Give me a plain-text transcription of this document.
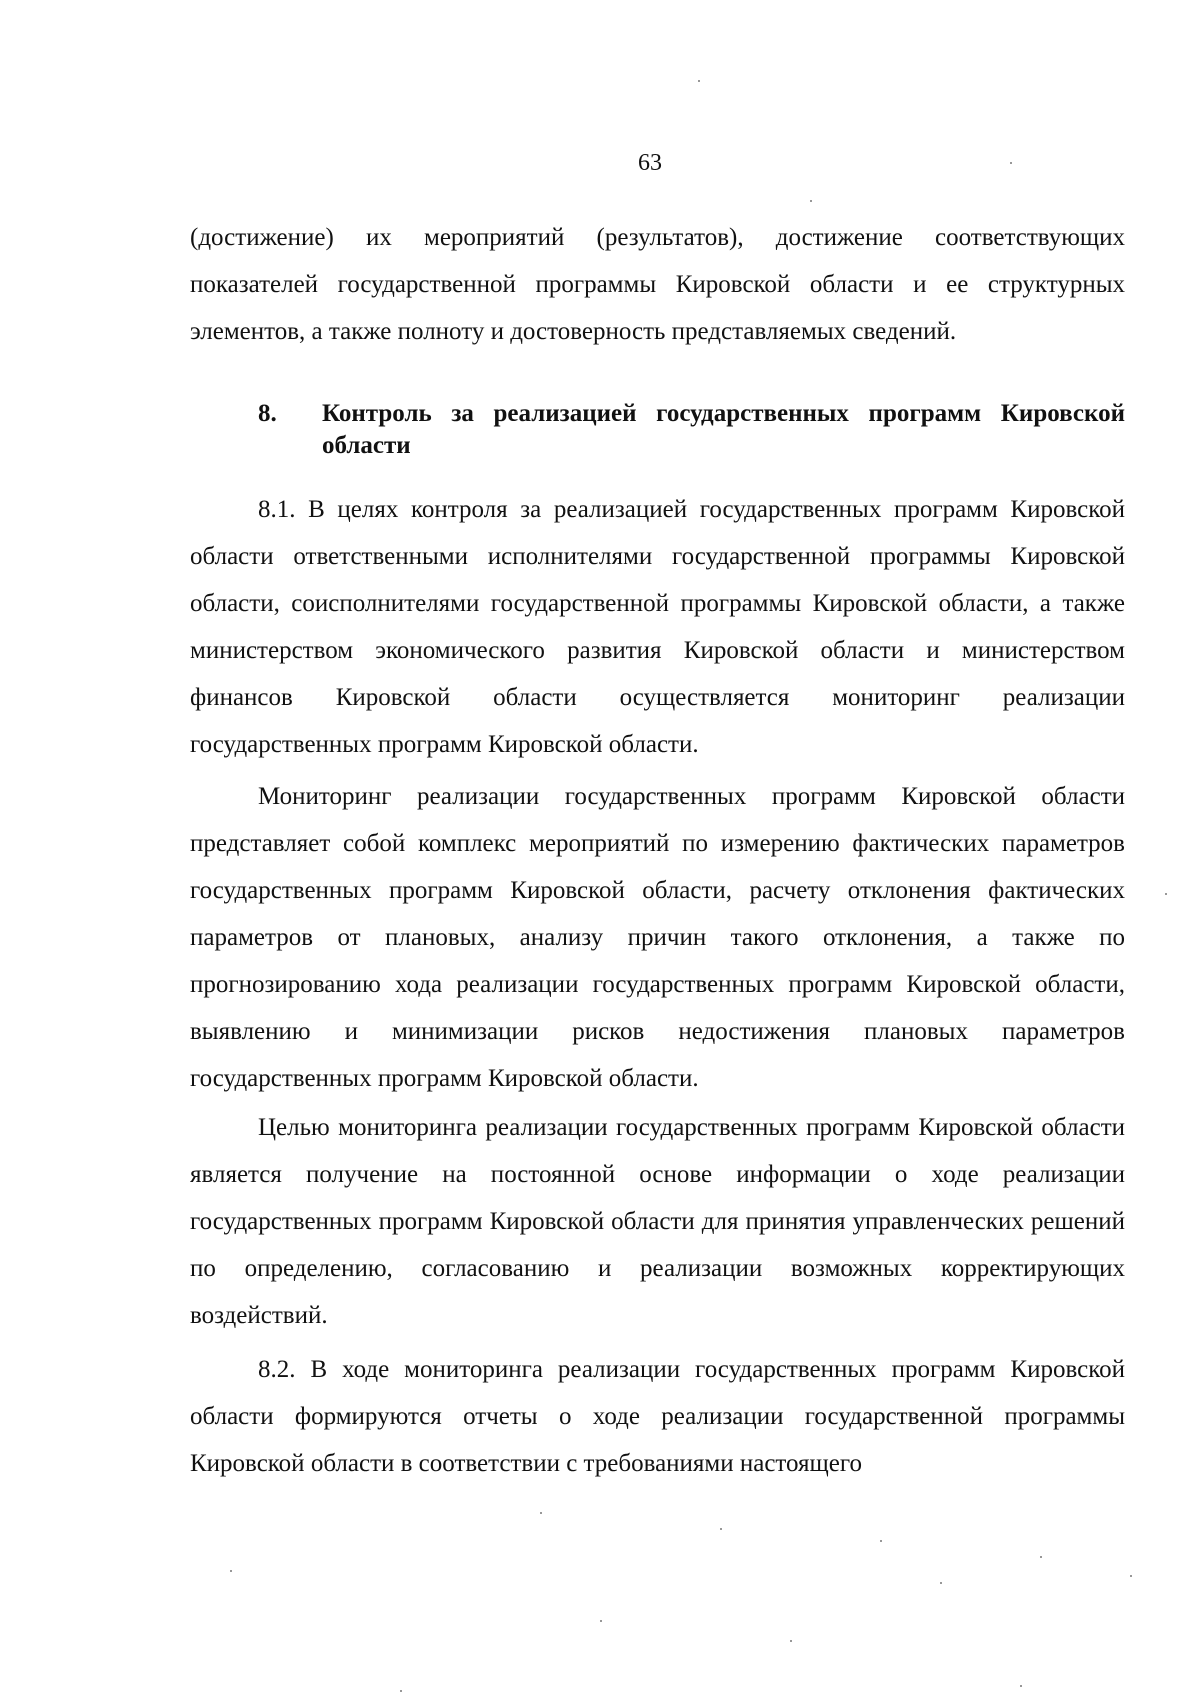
63

(достижение) их мероприятий (результатов), достижение соответствующих показателей государственной программы Кировской области и ее структурных элементов, а также полноту и достоверность представляемых сведений.

8. Контроль за реализацией государственных программ Кировской области

8.1. В целях контроля за реализацией государственных программ Кировской области ответственными исполнителями государственной программы Кировской области, соисполнителями государственной программы Кировской области, а также министерством экономического развития Кировской области и министерством финансов Кировской области осуществляется мониторинг реализации государственных программ Кировской области.

Мониторинг реализации государственных программ Кировской области представляет собой комплекс мероприятий по измерению фактических параметров государственных программ Кировской области, расчету отклонения фактических параметров от плановых, анализу причин такого отклонения, а также по прогнозированию хода реализации государственных программ Кировской области, выявлению и минимизации рисков недостижения плановых параметров государственных программ Кировской области.

Целью мониторинга реализации государственных программ Кировской области является получение на постоянной основе информации о ходе реализации государственных программ Кировской области для принятия управленческих решений по определению, согласованию и реализации возможных корректирующих воздействий.

8.2. В ходе мониторинга реализации государственных программ Кировской области формируются отчеты о ходе реализации государственной программы Кировской области в соответствии с требованиями настоящего
